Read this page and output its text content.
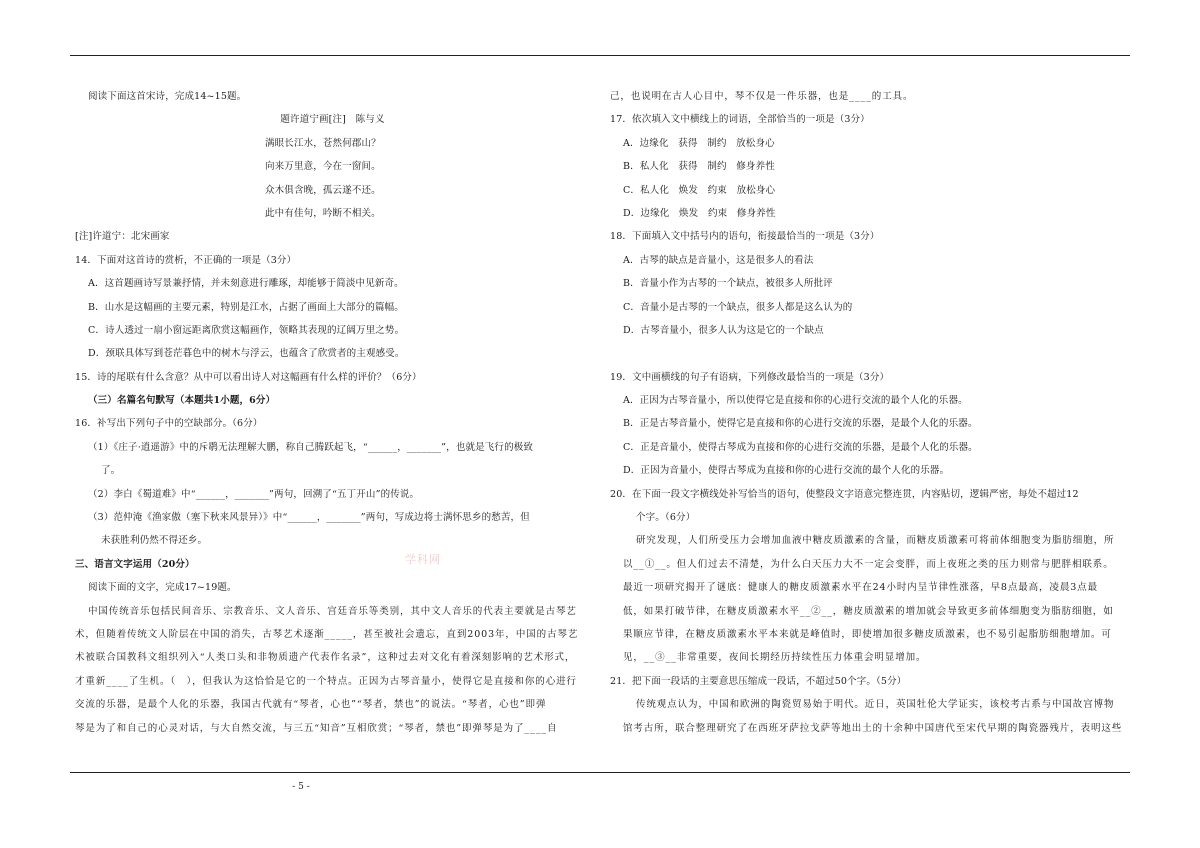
阅读下面这首宋诗，完成14~15题。
题许道宁画[注]　陈与义
满眼长江水，苍然何郡山？
向来万里意，今在一窗间。
众木俱含晚，孤云遂不还。
此中有佳句，吟断不相关。
[注]许道宁：北宋画家
14．下面对这首诗的赏析，不正确的一项是（3分）
A．这首题画诗写景兼抒情，并未刻意进行雕琢，却能够于简淡中见新奇。
B．山水是这幅画的主要元素，特别是江水，占据了画面上大部分的篇幅。
C．诗人透过一扇小窗远距离欣赏这幅画作，领略其表现的辽阔万里之势。
D．颈联具体写到苍茫暮色中的树木与浮云，也蕴含了欣赏者的主观感受。
15．诗的尾联有什么含意？从中可以看出诗人对这幅画有什么样的评价？（6分）
（三）名篇名句默写（本题共1小题，6分）
16．补写出下列句子中的空缺部分。（6分）
（1）《庄子·逍遥游》中的斥鹖无法理解大鹏，称自己腾跃起飞，“______，_______”，也就是飞行的极致
了。
（2）李白《蜀道难》中“______，_______”两句，回溯了“五丁开山”的传说。
（3）范仲淹《渔家傲（塞下秋来风景异）》中“______，_______”两句，写成边将士满怀思乡的愁苦，但
未获胜利仍然不得还乡。
三、语言文字运用（20分）
阅读下面的文字，完成17~19题。
中国传统音乐包括民间音乐、宗教音乐、文人音乐、宫廷音乐等类别，其中文人音乐的代表主要就是古琴艺
术，但随着传统文人阶层在中国的消失，古琴艺术逐渐_____，甚至被社会遗忘，直到2003年，中国的古琴艺
术被联合国教科文组织列入“人类口头和非物质遗产代表作名录”，这种过去对文化有着深刻影响的艺术形式，
才重新____了生机。（　），但我认为这恰恰是它的一个特点。正因为古琴音量小，使得它是直接和你的心进行
交流的乐器，是最个人化的乐器，我国古代就有“琴者，心也”“琴者，禁也”的说法。“琴者，心也”即弹
琴是为了和自己的心灵对话，与大自然交流，与三五“知音”互相欣赏；“琴者，禁也”即弹琴是为了____自
己，也说明在古人心目中，琴不仅是一件乐器，也是____的工具。
17．依次填入文中横线上的词语，全部恰当的一项是（3分）
A．边缘化　获得　制约　放松身心
B．私人化　获得　制约　修身养性
C．私人化　焕发　约束　放松身心
D．边缘化　焕发　约束　修身养性
18．下面填入文中括号内的语句，衔接最恰当的一项是（3分）
A．古琴的缺点是音量小，这是很多人的看法
B．音量小作为古琴的一个缺点，被很多人所批评
C．音量小是古琴的一个缺点，很多人都是这么认为的
D．古琴音量小，很多人认为这是它的一个缺点
19．文中画横线的句子有语病，下列修改最恰当的一项是（3分）
A．正因为古琴音量小，所以使得它是直接和你的心进行交流的最个人化的乐器。
B．正是古琴音量小，使得它是直接和你的心进行交流的乐器，是最个人化的乐器。
C．正是音量小，使得古琴成为直接和你的心进行交流的乐器，是最个人化的乐器。
D．正因为音量小，使得古琴成为直接和你的心进行交流的最个人化的乐器。
20．在下面一段文字横线处补写恰当的语句，使整段文字语意完整连贯，内容贴切，逻辑严密，每处不超过12
个字。（6分）
研究发现，人们所受压力会增加血液中糖皮质激素的含量，而糖皮质激素可将前体细胞变为脂肪细胞，所
以__①__。但人们过去不清楚，为什么白天压力大不一定会变胖，而上夜班之类的压力则常与肥胖相联系。
最近一项研究揭开了谜底：健康人的糖皮质激素水平在24小时内呈节律性涨落，早8点最高，凌晨3点最
低，如果打破节律，在糖皮质激素水平__②__，糖皮质激素的增加就会导致更多前体细胞变为脂肪细胞，如
果顺应节律，在糖皮质激素水平本来就是峰值时，即使增加很多糖皮质激素，也不易引起脂肪细胞增加。可
见，__③__非常重要，夜间长期经历持续性压力体重会明显增加。
21．把下面一段话的主要意思压缩成一段话，不超过50个字。（5分）
传统观点认为，中国和欧洲的陶瓷贸易始于明代。近日，英国牡伦大学证实，该校考古系与中国故宫博物
馆考古所，联合整理研究了在西班牙萨拉戈萨等地出土的十余种中国唐代至宋代早期的陶瓷器残片，表明这些
学科网
- 5 -
